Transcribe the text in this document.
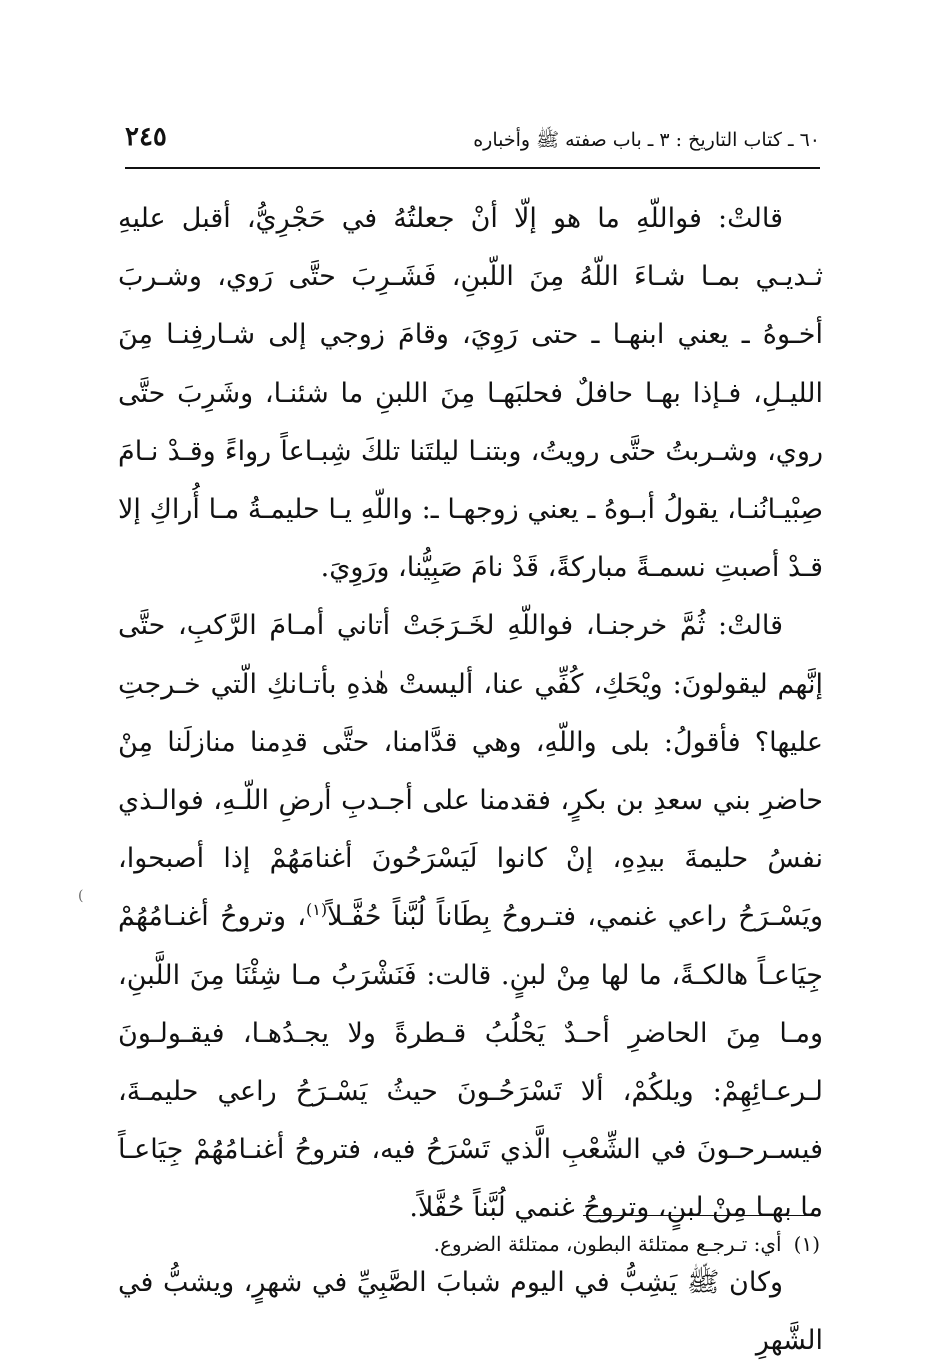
٦٠ ـ كتاب التاريخ : ٣ ـ باب صفته ﷺ وأخباره
٢٤٥

قالتْ: فواللّهِ ما هو إلّا أنْ جعلتُهُ في حَجْرِيُّ، أقبل عليهِ ثـديـي بمـا شـاءَ اللّهُ مِنَ اللّبنِ، فَشَـرِبَ حتَّى رَوي، وشـربَ أخـوهُ ـ يعني ابنهـا ـ حتى رَوِيَ، وقامَ زوجي إلى شـارفِنـا مِنَ الليـلِ، فـإذا بهـا حافلٌ فحلبَهـا مِنَ اللبنِ ما شئنـا، وشَرِبَ حتَّى روي، وشـربتُ حتَّى رويتُ، وبتنـا ليلتَنا تلكَ شِبـاعاً رواءً وقـدْ نـامَ صِبْيـانُنـا، يقولُ أبـوهُ ـ يعني زوجهـا ـ: واللّهِ يـا حليمـةُ مـا أُراكِ إلا قـدْ أصبتِ نسمـةً مباركةً، قَدْ نامَ صَبِيُّنا، ورَوِيَ.

قالتْ: ثُمَّ خرجنـا، فواللّهِ لخَـرَجَتْ أتاني أمـامَ الرَّكبِ، حتَّى إنَّهم ليقولونَ: ويْحَكِ، كُفِّي عنا، أليستْ هٰذهِ بأتـانكِ الّتي خـرجتِ عليها؟ فأقولُ: بلى واللّهِ، وهي قدَّامنا، حتَّى قدِمنا منازلَنا مِنْ حاضرِ بني سعدِ بن بكرٍ، فقدمنا على أجـدبِ أرضِ اللّـهِ، فوالـذي نفسُ حليمةَ بيدِهِ، إنْ كانوا لَيَسْرَحُونَ أغنامَهُمْ إذا أصبحوا، ويَسْـرَحُ راعي غنمي، فتـروحُ بِطَاناً لُبَّناً حُفَّـلاً$^{(١)}$، وتروحُ أغنـامُهُمْ جِيَاعـاً هالكـةً، ما لها مِنْ لبنٍ. قالت: فَنَشْرَبُ مـا شِئْنَا مِنَ اللَّبنِ، ومـا مِنَ الحاضرِ أحـدٌ يَحْلُبُ قـطرةً ولا يجـدُهـا، فيقـولـونَ لـرعـائِهِمْ: ويلكُمْ، ألا تَسْرَحُـونَ حيثُ يَسْـرَحُ راعي حليمـةَ، فيسـرحـونَ في الشِّعْبِ الَّذي تَسْرَحُ فيه، فتروحُ أغنـامُهُمْ جِيَاعـاً ما بهـا مِنْ لبنٍ، وتروحُ غنمي لُبَّناً حُفَّلاً.

وكان ﷺ يَشِبُّ في اليوم شبابَ الصَّبِيِّ في شهرٍ، ويشبُّ في الشَّهرِ

(
(١)أي: تـرجـع ممتلئة البطون، ممتلئة الضروع.
